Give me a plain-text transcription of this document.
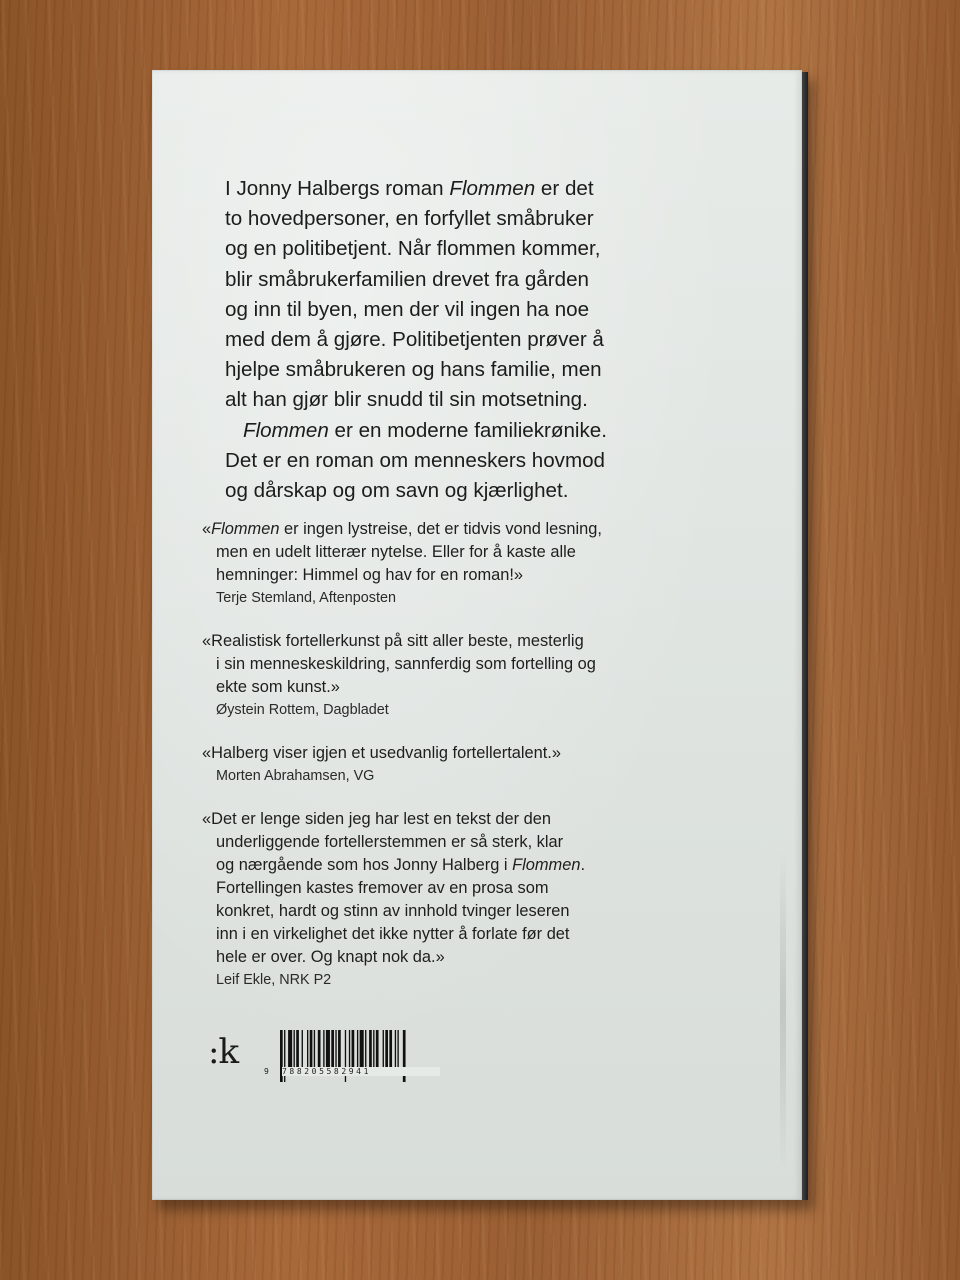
I Jonny Halbergs roman Flommen er det

to hovedpersoner, en forfyllet småbruker

og en politibetjent. Når flommen kommer,

blir småbrukerfamilien drevet fra gården

og inn til byen, men der vil ingen ha noe

med dem å gjøre. Politibetjenten prøver å

hjelpe småbrukeren og hans familie, men

alt han gjør blir snudd til sin motsetning.

Flommen er en moderne familiekrønike.

Det er en roman om menneskers hovmod

og dårskap og om savn og kjærlighet.

«Flommen er ingen lystreise, det er tidvis vond lesning,

men en udelt litterær nytelse. Eller for å kaste alle

hemninger: Himmel og hav for en roman!»

Terje Stemland, Aftenposten

«Realistisk fortellerkunst på sitt aller beste, mesterlig

i sin menneskeskildring, sannferdig som fortelling og

ekte som kunst.»

Øystein Rottem, Dagbladet

«Halberg viser igjen et usedvanlig fortellertalent.»

Morten Abrahamsen, VG

«Det er lenge siden jeg har lest en tekst der den

underliggende fortellerstemmen er så sterk, klar

og nærgående som hos Jonny Halberg i Flommen.

Fortellingen kastes fremover av en prosa som

konkret, hardt og stinn av innhold tvinger leseren

inn i en virkelighet det ikke nytter å forlate før det

hele er over. Og knapt nok da.»

Leif Ekle, NRK P2

:k	9 788205582941
